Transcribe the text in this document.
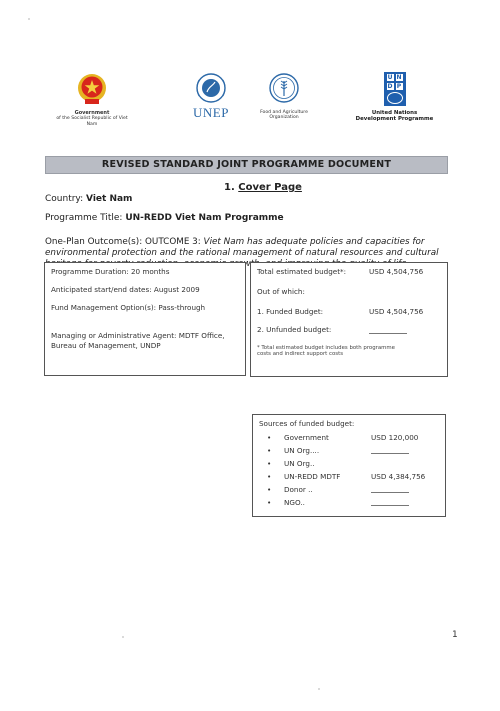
Government
of the Socialist Republic of Viet Nam
UNEP	Food and Agriculture
Organization
U N
D P
United Nations
Development Programme
REVISED STANDARD JOINT PROGRAMME DOCUMENT
1. Cover Page
Country: Viet Nam
Programme Title: UN-REDD Viet Nam Programme
One-Plan Outcome(s): OUTCOME 3: Viet Nam has adequate policies and capacities for environmental protection and the rational management of natural resources and cultural
Programme Duration: 20 months
Anticipated start/end dates: August 2009
Fund Management Option(s): Pass-through
Managing or Administrative Agent: MDTF Office,
Bureau of Management, UNDP
Total estimated budget*:	USD 4,504,756
Out of which:
1. Funded Budget:	USD 4,504,756
2. Unfunded budget:
* Total estimated budget includes both programme
costs and indirect support costs
Sources of funded budget:
• Government	USD 120,000
• UN Org....
• UN Org..
• UN-REDD MDTF	USD 4,384,756
• Donor ..
• NGO..
1
